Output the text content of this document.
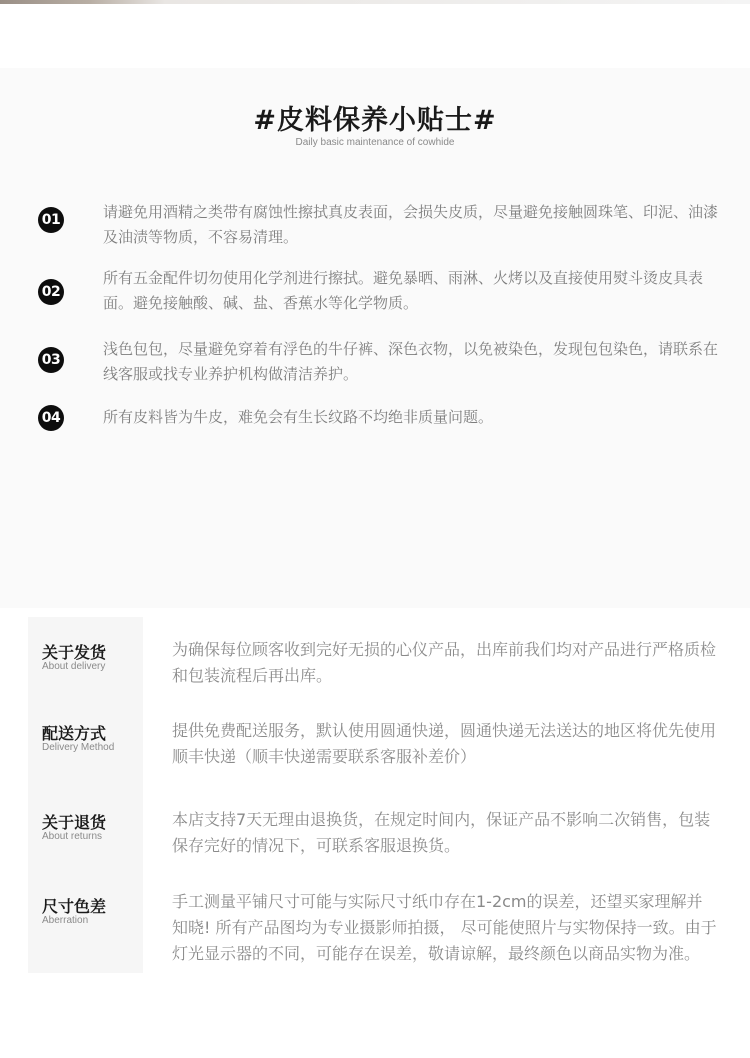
#皮料保养小贴士#
Daily basic maintenance of cowhide
01	请避免用酒精之类带有腐蚀性擦拭真皮表面，会损失皮质，尽量避免接触圆珠笔、印泥、油漆及油渍等物质，不容易清理。
02
所有五金配件切勿使用化学剂进行擦拭。避免暴晒、雨淋、火烤以及直接使用熨斗烫皮具表面。避免接触酸、碱、盐、香蕉水等化学物质。
03
浅色包包，尽量避免穿着有浮色的牛仔裤、深色衣物，以免被染色，发现包包染色，请联系在线客服或找专业养护机构做清洁养护。
04	所有皮料皆为牛皮，难免会有生长纹路不均绝非质量问题。
关于发货
About delivery
为确保每位顾客收到完好无损的心仪产品，出库前我们均对产品进行严格质检和包装流程后再出库。
配送方式
Delivery Method
提供免费配送服务，默认使用圆通快递，圆通快递无法送达的地区将优先使用顺丰快递（顺丰快递需要联系客服补差价）
关于退货
About returns
本店支持7天无理由退换货，在规定时间内，保证产品不影响二次销售，包装保存完好的情况下，可联系客服退换货。
尺寸色差
Aberration
手工测量平铺尺寸可能与实际尺寸纸巾存在1-2cm的误差，还望买家理解并知晓! 所有产品图均为专业摄影师拍摄， 尽可能使照片与实物保持一致。由于灯光显示器的不同，可能存在误差，敬请谅解，最终颜色以商品实物为准。
